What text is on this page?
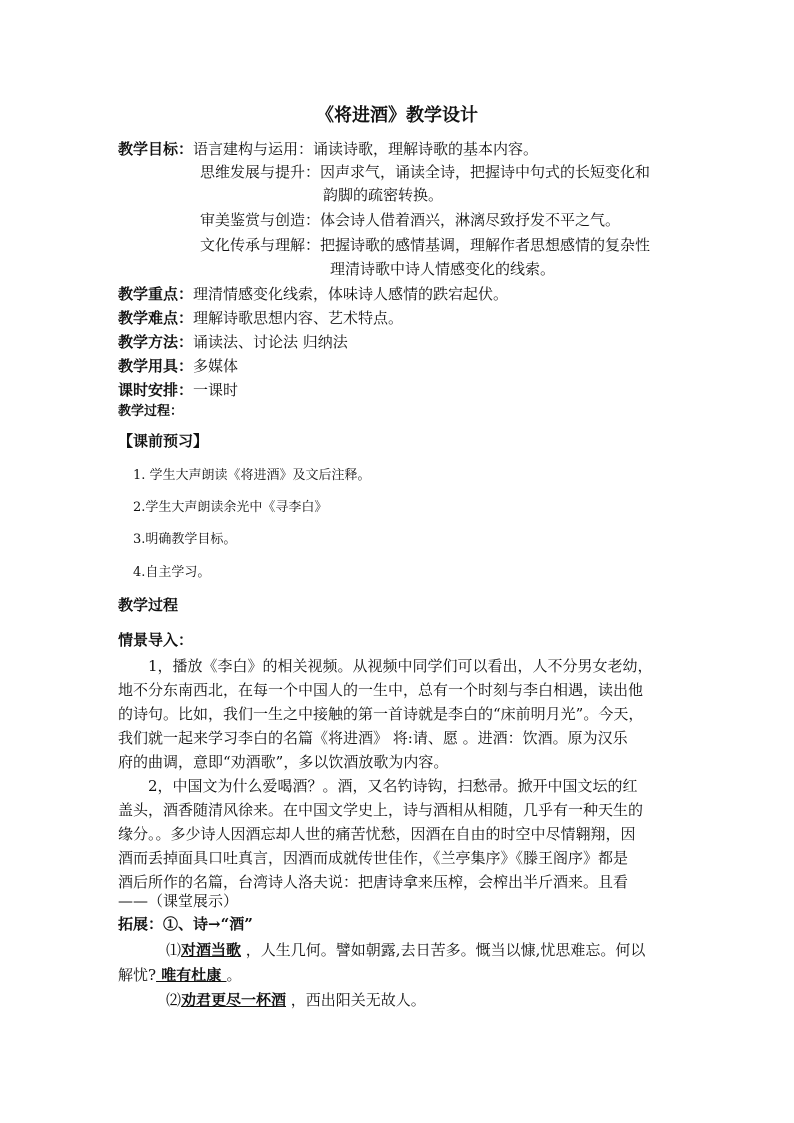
《将进酒》教学设计
教学目标：语言建构与运用：诵读诗歌，理解诗歌的基本内容。
思维发展与提升：因声求气，诵读全诗，把握诗中句式的长短变化和
韵脚的疏密转换。
审美鉴赏与创造：体会诗人借着酒兴，淋漓尽致抒发不平之气。
文化传承与理解：把握诗歌的感情基调，理解作者思想感情的复杂性
理清诗歌中诗人情感变化的线索。
教学重点：理清情感变化线索，体味诗人感情的跌宕起伏。
教学难点：理解诗歌思想内容、艺术特点。
教学方法：诵读法、讨论法 归纳法
教学用具：多媒体
课时安排：一课时
教学过程：
【课前预习】
1. 学生大声朗读《将进酒》及文后注释。
2.学生大声朗读余光中《寻李白》
3.明确教学目标。
4.自主学习。
教学过程
情景导入：
1，播放《李白》的相关视频。从视频中同学们可以看出，人不分男女老幼，
地不分东南西北，在每一个中国人的一生中，总有一个时刻与李白相遇，读出他
的诗句。比如，我们一生之中接触的第一首诗就是李白的“床前明月光”。今天，
我们就一起来学习李白的名篇《将进酒》 将:请、愿 。进酒：饮酒。原为汉乐
府的曲调，意即“劝酒歌”，多以饮酒放歌为内容。
2，中国文为什么爱喝酒？。酒，又名钓诗钩，扫愁帚。掀开中国文坛的红
盖头，酒香随清风徐来。在中国文学史上，诗与酒相从相随，几乎有一种天生的
缘分。。多少诗人因酒忘却人世的痛苦忧愁，因酒在自由的时空中尽情翱翔，因
酒而丢掉面具口吐真言，因酒而成就传世佳作，《兰亭集序》《滕王阁序》都是
酒后所作的名篇，台湾诗人洛夫说：把唐诗拿来压榨，会榨出半斤酒来。且看
——（课堂展示）
拓展：①、诗→“酒”
⑴对酒当歌 ，人生几何。譬如朝露,去日苦多。慨当以慷,忧思难忘。何以
解忧? 唯有杜康 。
⑵劝君更尽一杯酒 ，西出阳关无故人。
